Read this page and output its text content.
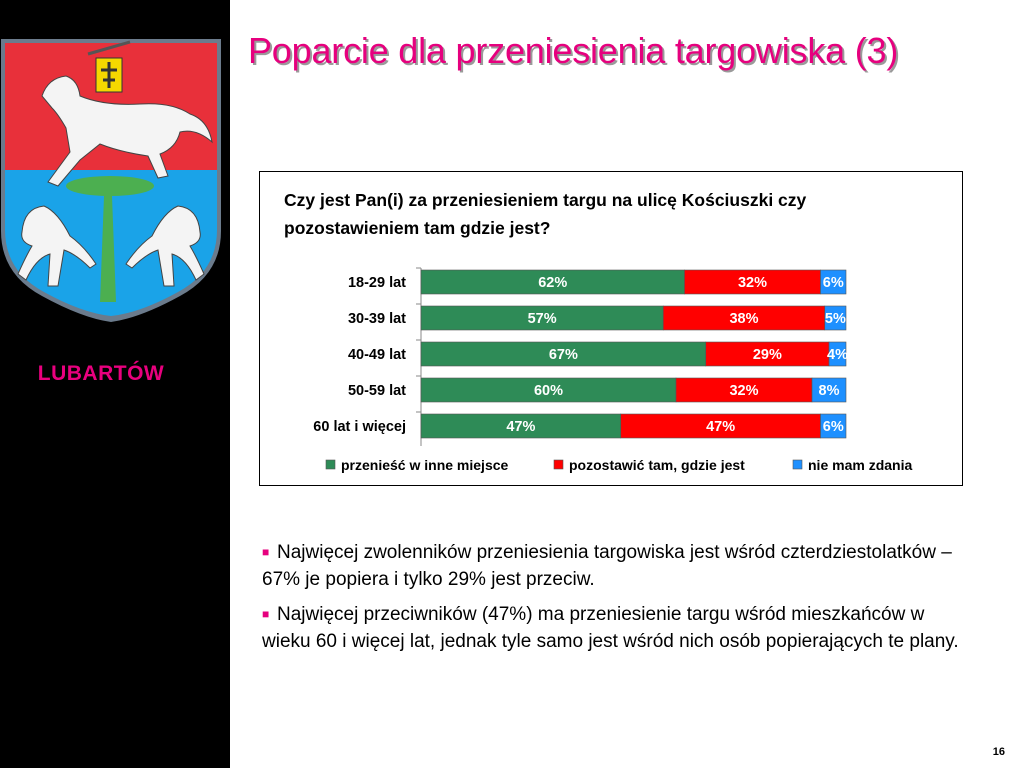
LUBARTÓW
Poparcie dla przeniesienia targowiska (3)
Czy jest Pan(i) za przeniesieniem targu na ulicę Kościuszki czy pozostawieniem tam gdzie jest?
18-29 lat	62%	32%	6%
30-39 lat	57%	38%	5%
40-49 lat	67%	29%	4%
50-59 lat	60%	32%	8%
60 lat i więcej	47%	47%	6%
przenieść w inne miejsce	pozostawić tam, gdzie jest	nie mam zdania
■ Najwięcej zwolenników przeniesienia targowiska jest wśród czterdziestolatków – 67% je popiera i tylko 29% jest przeciw.
■ Najwięcej przeciwników (47%) ma przeniesienie targu wśród mieszkańców w wieku 60 i więcej lat, jednak tyle samo jest wśród nich osób popierających te plany.
16
